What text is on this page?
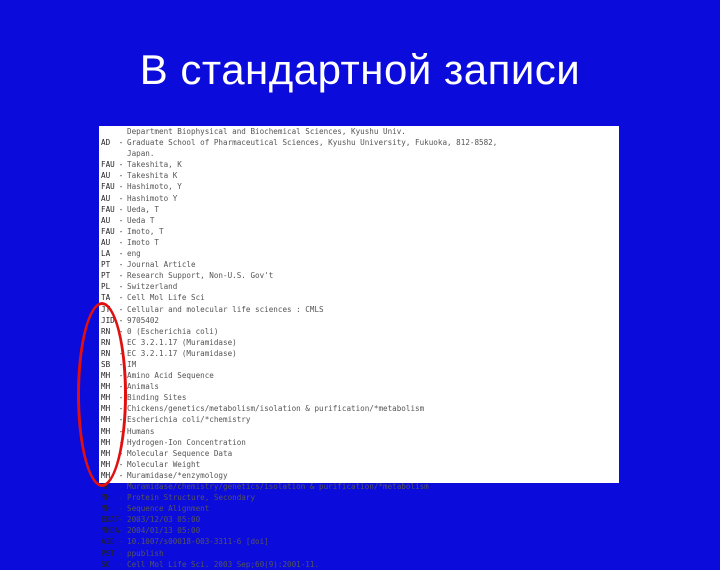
В стандартной записи
Department Biophysical and Biochemical Sciences, Kyushu Univ.
AD - Graduate School of Pharmaceutical Sciences, Kyushu University, Fukuoka, 812-8582,
Japan.
FAU - Takeshita, K
AU - Takeshita K
FAU - Hashimoto, Y
AU - Hashimoto Y
FAU - Ueda, T
AU - Ueda T
FAU - Imoto, T
AU - Imoto T
LA - eng
PT - Journal Article
PT - Research Support, Non-U.S. Gov't
PL - Switzerland
TA - Cell Mol Life Sci
JT - Cellular and molecular life sciences : CMLS
JID - 9705402
RN - 0 (Escherichia coli)
RN - EC 3.2.1.17 (Muramidase)
RN - EC 3.2.1.17 (Muramidase)
SB - IM
MH - Amino Acid Sequence
MH - Animals
MH - Binding Sites
MH - Chickens/genetics/metabolism/isolation & purification/*metabolism
MH - Escherichia coli/*chemistry
MH - Humans
MH - Hydrogen-Ion Concentration
MH - Molecular Sequence Data
MH - Molecular Weight
MH - Muramidase/*enzymology
MH - Muramidase/chemistry/genetics/isolation & purification/*metabolism
MH - Protein Structure, Secondary
MH - Sequence Alignment
EDAT- 2003/12/03 05:00
MHDA- 2004/01/13 05:00
AID - 10.1007/s00018-003-3311-6 [doi]
PST - ppublish
SO - Cell Mol Life Sci. 2003 Sep;60(9):2001-11.
